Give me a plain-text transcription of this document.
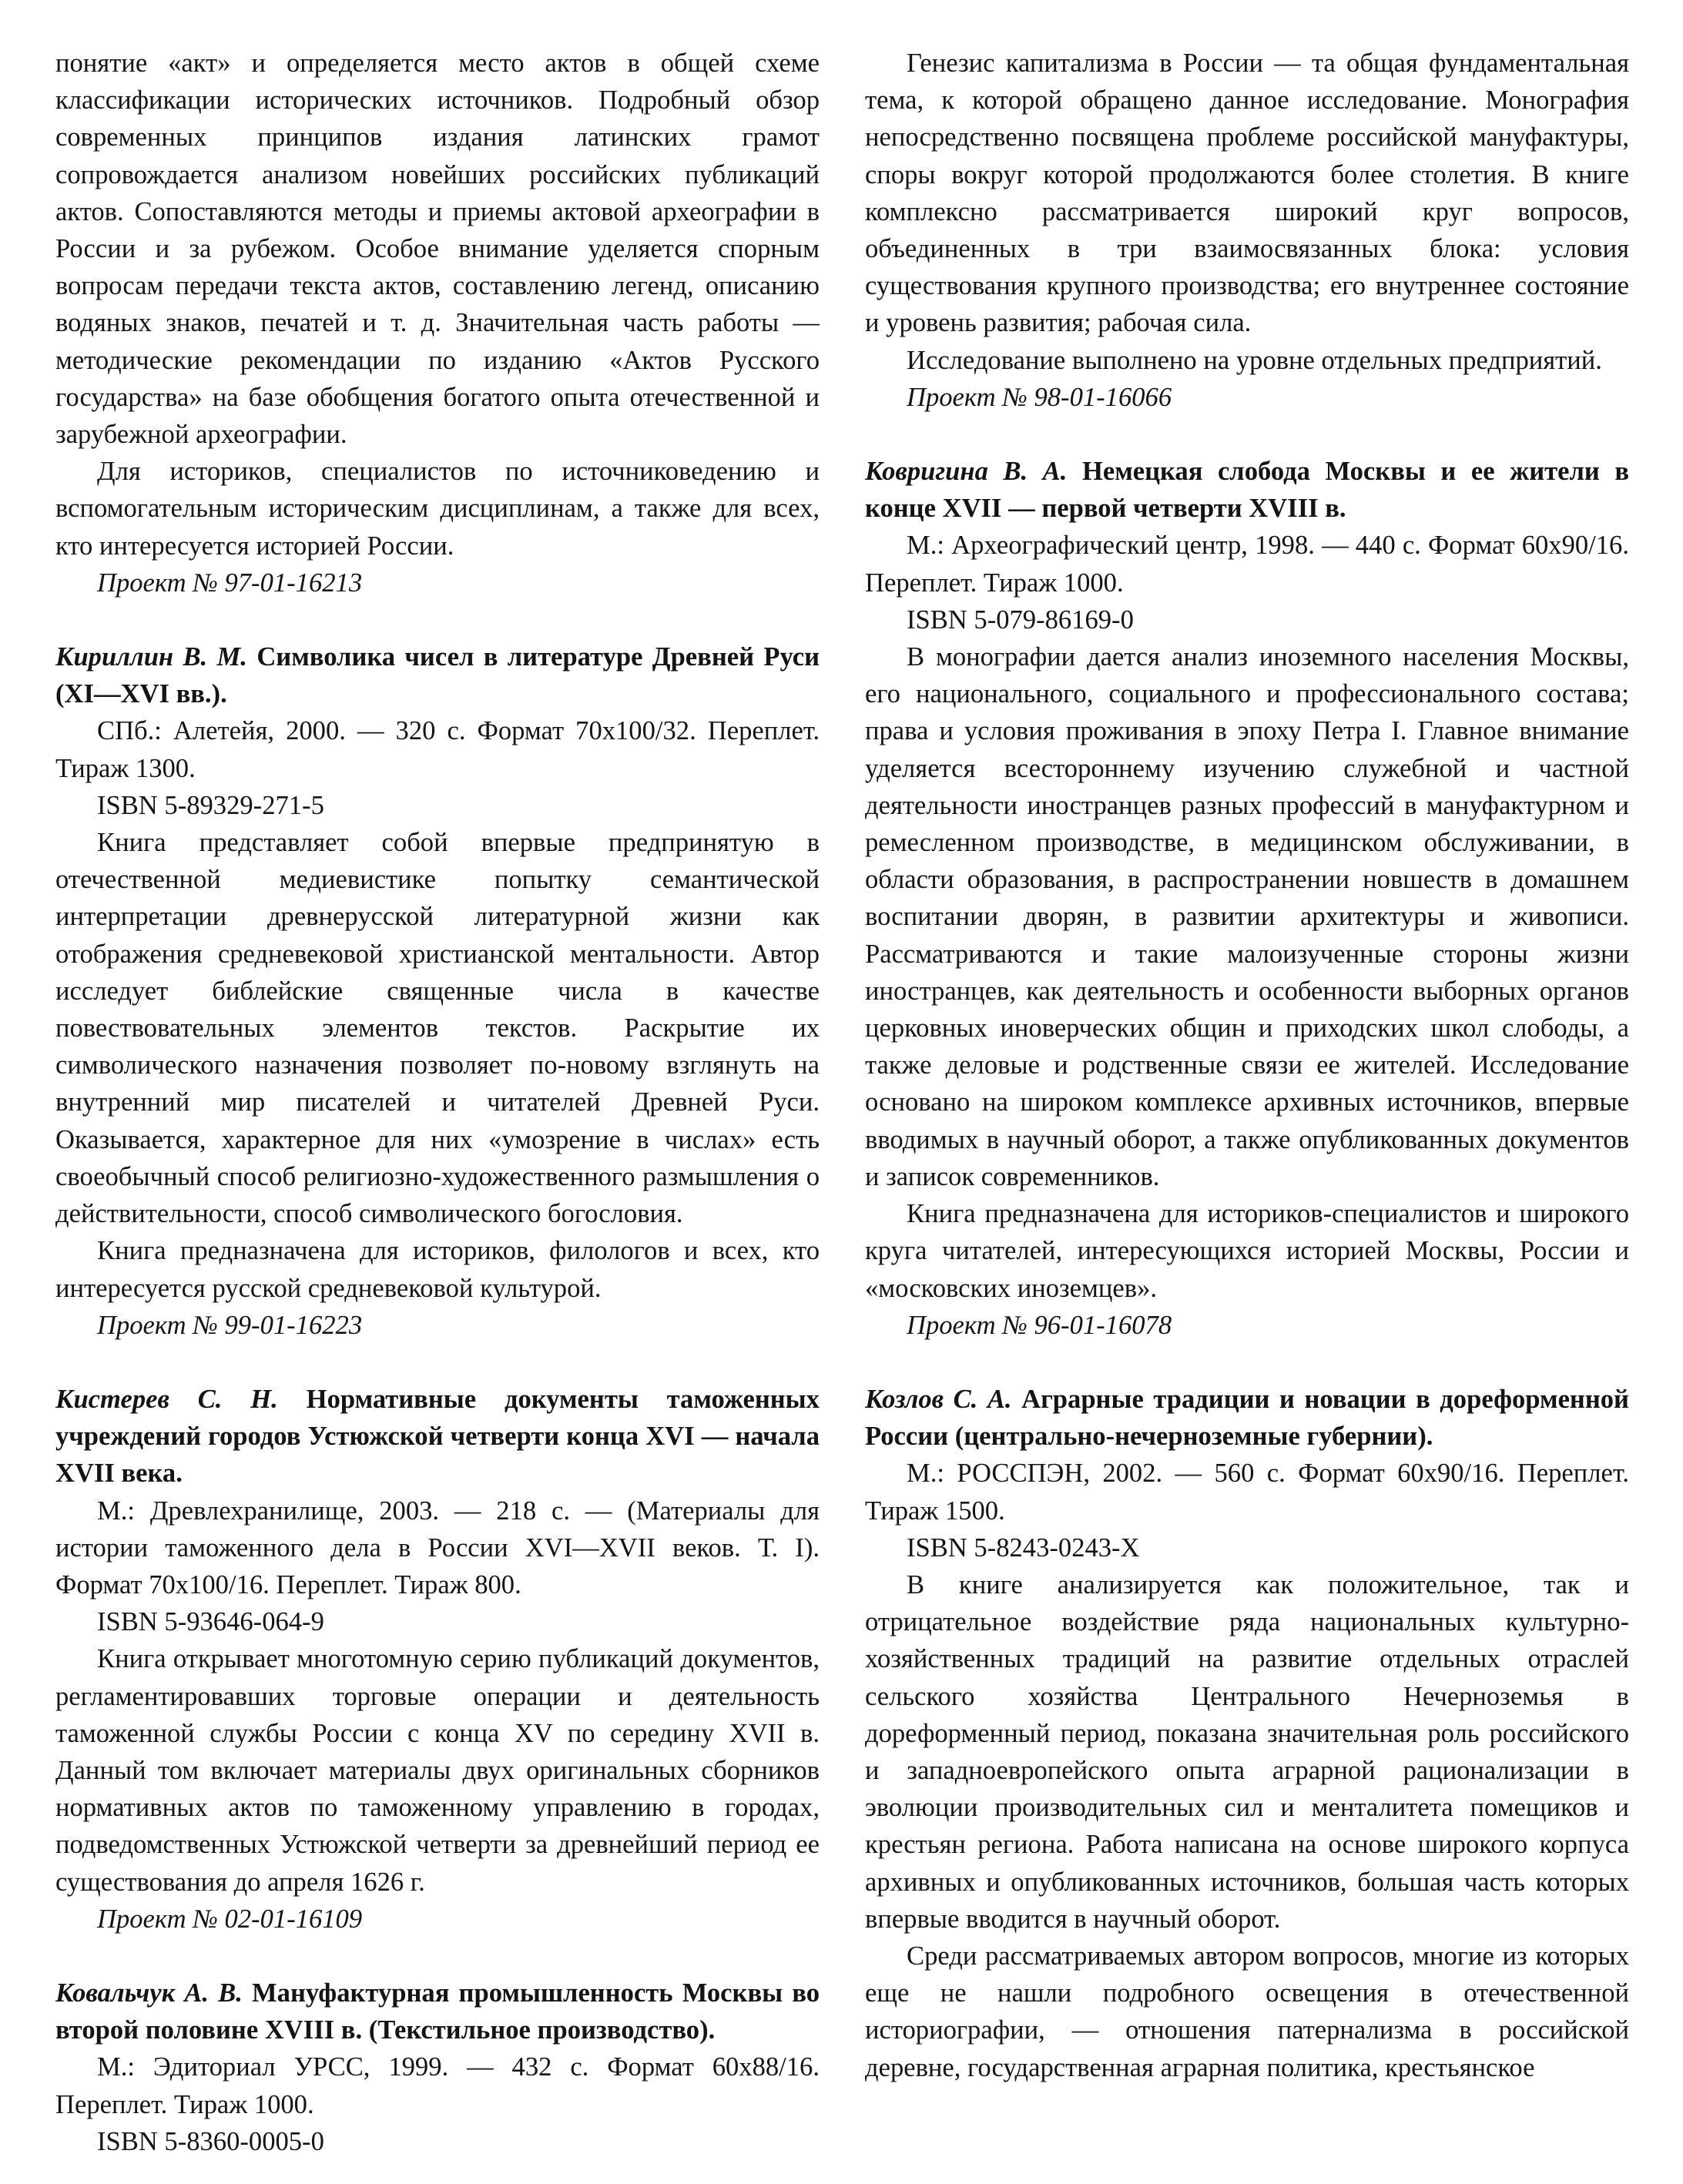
понятие «акт» и определяется место актов в общей схеме классификации исторических источников. Подробный обзор современных принципов издания латинских грамот сопровождается анализом новейших российских публикаций актов. Сопоставляются методы и приемы актовой археографии в России и за рубежом. Особое внимание уделяется спорным вопросам передачи текста актов, составлению легенд, описанию водяных знаков, печатей и т. д. Значительная часть работы — методические рекомендации по изданию «Актов Русского государства» на базе обобщения богатого опыта отечественной и зарубежной археографии.

Для историков, специалистов по источниковедению и вспомогательным историческим дисциплинам, а также для всех, кто интересуется историей России.

Проект № 97-01-16213

Кириллин В. М. Символика чисел в литературе Древней Руси (XI—XVI вв.).

СПб.: Алетейя, 2000. — 320 с. Формат 70х100/32. Переплет. Тираж 1300.

ISBN 5-89329-271-5

Книга представляет собой впервые предпринятую в отечественной медиевистике попытку семантической интерпретации древнерусской литературной жизни как отображения средневековой христианской ментальности. Автор исследует библейские священные числа в качестве повествовательных элементов текстов. Раскрытие их символического назначения позволяет по-новому взглянуть на внутренний мир писателей и читателей Древней Руси. Оказывается, характерное для них «умозрение в числах» есть своеобычный способ религиозно-художественного размышления о действительности, способ символического богословия.

Книга предназначена для историков, филологов и всех, кто интересуется русской средневековой культурой.

Проект № 99-01-16223

Кистерев С. Н. Нормативные документы таможенных учреждений городов Устюжской четверти конца XVI — начала XVII века.

М.: Древлехранилище, 2003. — 218 с. — (Материалы для истории таможенного дела в России XVI—XVII веков. Т. I). Формат 70х100/16. Переплет. Тираж 800.

ISBN 5-93646-064-9

Книга открывает многотомную серию публикаций документов, регламентировавших торговые операции и деятельность таможенной службы России с конца XV по середину XVII в. Данный том включает материалы двух оригинальных сборников нормативных актов по таможенному управлению в городах, подведомственных Устюжской четверти за древнейший период ее существования до апреля 1626 г.

Проект № 02-01-16109

Ковальчук А. В. Мануфактурная промышленность Москвы во второй половине XVIII в. (Текстильное производство).

М.: Эдиториал УРСС, 1999. — 432 с. Формат 60х88/16. Переплет. Тираж 1000.

ISBN 5-8360-0005-0

Генезис капитализма в России — та общая фундаментальная тема, к которой обращено данное исследование. Монография непосредственно посвящена проблеме российской мануфактуры, споры вокруг которой продолжаются более столетия. В книге комплексно рассматривается широкий круг вопросов, объединенных в три взаимосвязанных блока: условия существования крупного производства; его внутреннее состояние и уровень развития; рабочая сила.

Исследование выполнено на уровне отдельных предприятий.

Проект № 98-01-16066

Ковригина В. А. Немецкая слобода Москвы и ее жители в конце XVII — первой четверти XVIII в.

М.: Археографический центр, 1998. — 440 с. Формат 60х90/16. Переплет. Тираж 1000.

ISBN 5-079-86169-0

В монографии дается анализ иноземного населения Москвы, его национального, социального и профессионального состава; права и условия проживания в эпоху Петра I. Главное внимание уделяется всестороннему изучению служебной и частной деятельности иностранцев разных профессий в мануфактурном и ремесленном производстве, в медицинском обслуживании, в области образования, в распространении новшеств в домашнем воспитании дворян, в развитии архитектуры и живописи. Рассматриваются и такие малоизученные стороны жизни иностранцев, как деятельность и особенности выборных органов церковных иноверческих общин и приходских школ слободы, а также деловые и родственные связи ее жителей. Исследование основано на широком комплексе архивных источников, впервые вводимых в научный оборот, а также опубликованных документов и записок современников.

Книга предназначена для историков-специалистов и широкого круга читателей, интересующихся историей Москвы, России и «московских иноземцев».

Проект № 96-01-16078

Козлов С. А. Аграрные традиции и новации в дореформенной России (центрально-нечерноземные губернии).

М.: РОССПЭН, 2002. — 560 с. Формат 60х90/16. Переплет. Тираж 1500.

ISBN 5-8243-0243-X

В книге анализируется как положительное, так и отрицательное воздействие ряда национальных культурно-хозяйственных традиций на развитие отдельных отраслей сельского хозяйства Центрального Нечерноземья в дореформенный период, показана значительная роль российского и западноевропейского опыта аграрной рационализации в эволюции производительных сил и менталитета помещиков и крестьян региона. Работа написана на основе широкого корпуса архивных и опубликованных источников, большая часть которых впервые вводится в научный оборот.

Среди рассматриваемых автором вопросов, многие из которых еще не нашли подробного освещения в отечественной историографии, — отношения патернализма в российской деревне, государственная аграрная политика, крестьянское
